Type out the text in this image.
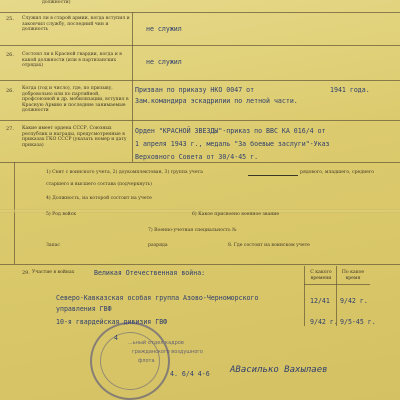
должности)
25. Служил ли в старой армии, когда вступил и закончил службу, последний чин и должность	не служил
26. Состоял ли в Красной гвардии, когда и в какой должности (или в партизанских отрядах)	не служил
26. Когда (год и число), где, по призыву, добровольно или по партийной, профсоюзной и др. мобилизации, вступил в Красную Армию и последние занимаемые должности
Призван по приказу НКО 0047 от	1941 года.
Зам.командира эскадрилии по летной части.
27. Какие имеет ордена СССР, Союзных республик и награды, предусмотренные в приказах ГКО СССР (указать номер и дату приказа)
Орден "КРАСНОЙ ЗВЕЗДЫ"-приказ по ВВС КА 016/4 от
1 апреля 1943 г., медаль "За боевые заслуги"-Указ
Верховного Совета от 30/4-45 г.
1) Снят с воинского учета, 2) доукомплектован, 3) группа учета	рядового, младшего, среднего
старшего и высшего состава (подчеркнуть)
4) Должность, на которой состоит на учете
5) Род войск	6) Какое присвоено военное звание
7) Военно-учетная специальность №
Запас	разряда	8. Где состоит на воинском учете
29. Участие в войнах	Великая Отечественная война:	С какого времени
По какое время
Северо-Кавказская особая группа Азово-Черноморского
управления ГВФ
12/41 9/42 г.
10-я гвардейская дивизия ГВФ	9/42 г. 9/5-45 г.
...ьный отдел кадров
гражданского воздушного
флота
4
4. 6/4 4-6 АВасилько Вахылаев
